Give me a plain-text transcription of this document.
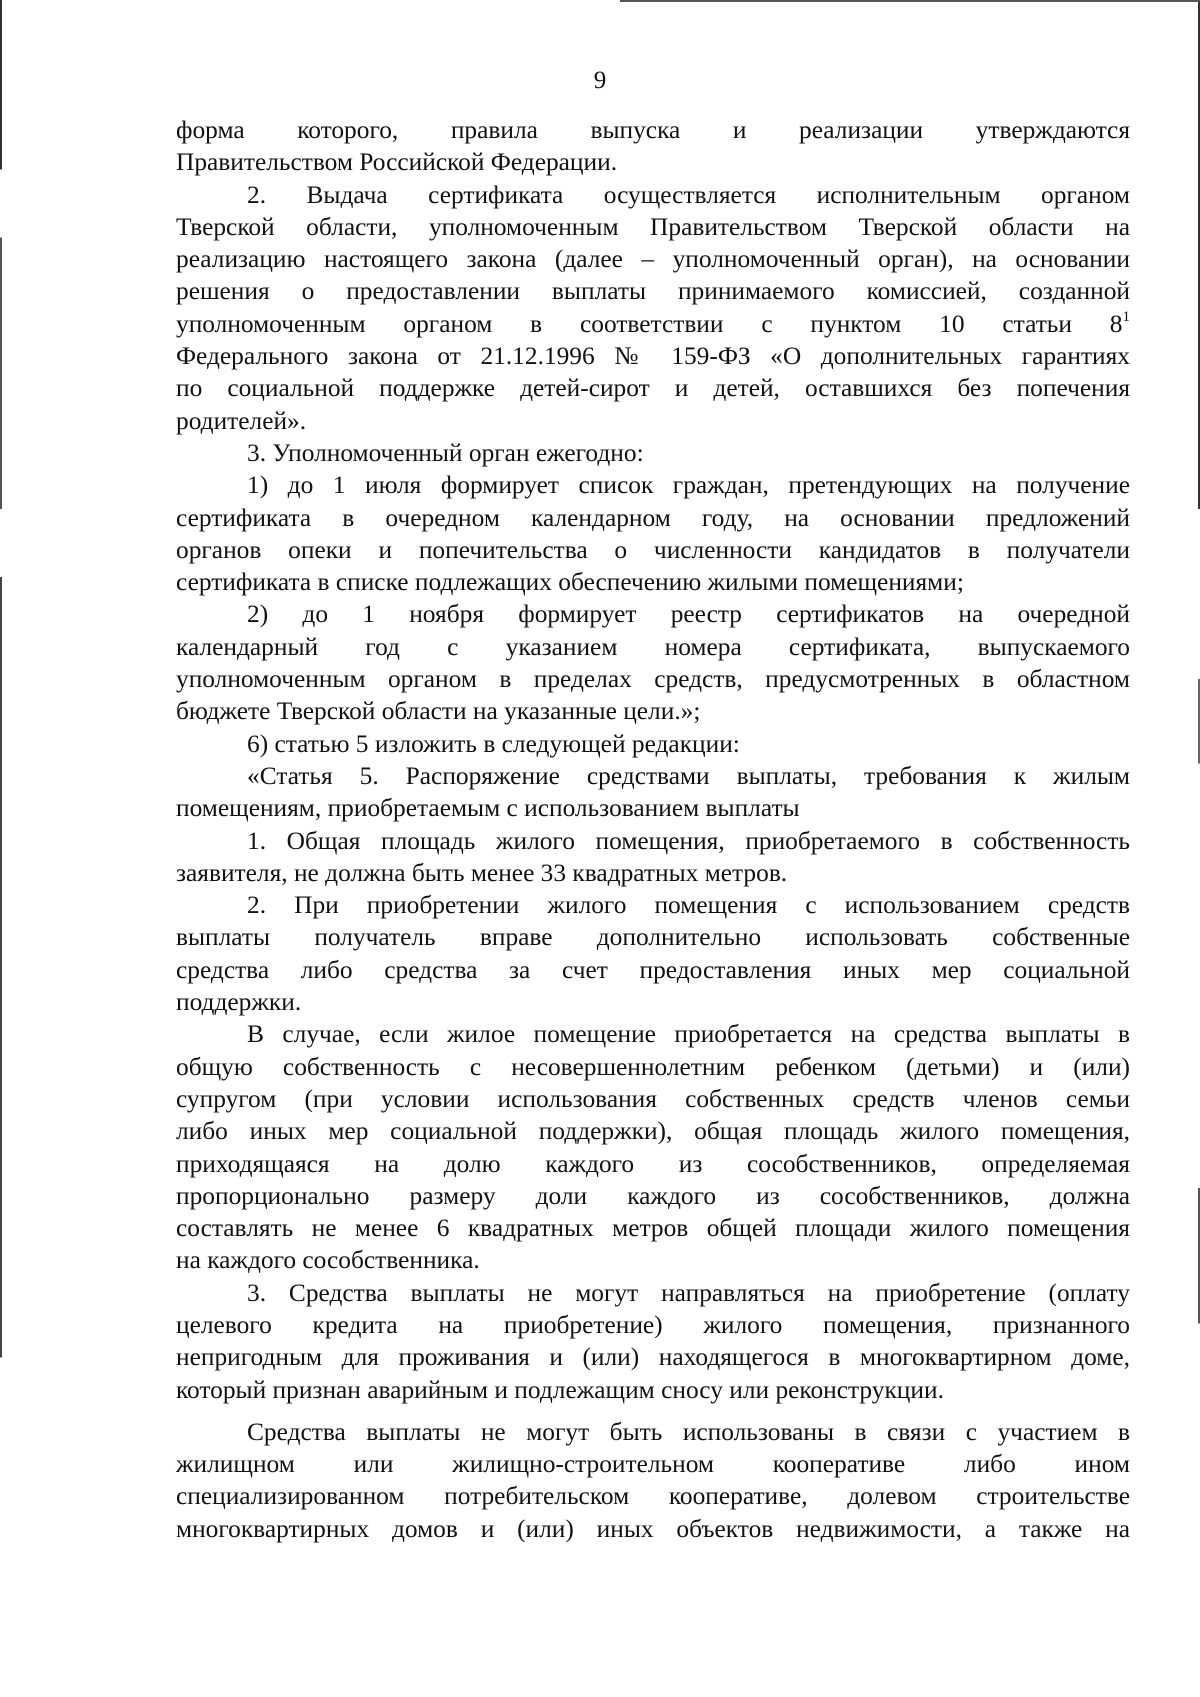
9
форма которого, правила выпуска и реализации утверждаются
Правительством Российской Федерации.
2. Выдача сертификата осуществляется исполнительным органом
Тверской области, уполномоченным Правительством Тверской области на
реализацию настоящего закона (далее – уполномоченный орган), на основании
решения о предоставлении выплаты принимаемого комиссией, созданной
уполномоченным органом в соответствии с пунктом 10 статьи $8^1$
Федерального закона от 21.12.1996 № 159-ФЗ «О дополнительных гарантиях
по социальной поддержке детей-сирот и детей, оставшихся без попечения
родителей».
3. Уполномоченный орган ежегодно:
1) до 1 июля формирует список граждан, претендующих на получение
сертификата в очередном календарном году, на основании предложений
органов опеки и попечительства о численности кандидатов в получатели
сертификата в списке подлежащих обеспечению жилыми помещениями;
2) до 1 ноября формирует реестр сертификатов на очередной
календарный год с указанием номера сертификата, выпускаемого
уполномоченным органом в пределах средств, предусмотренных в областном
бюджете Тверской области на указанные цели.»;
6) статью 5 изложить в следующей редакции:
«Статья 5. Распоряжение средствами выплаты, требования к жилым
помещениям, приобретаемым с использованием выплаты
1. Общая площадь жилого помещения, приобретаемого в собственность
заявителя, не должна быть менее 33 квадратных метров.
2. При приобретении жилого помещения с использованием средств
выплаты получатель вправе дополнительно использовать собственные
средства либо средства за счет предоставления иных мер социальной
поддержки.
В случае, если жилое помещение приобретается на средства выплаты в
общую собственность с несовершеннолетним ребенком (детьми) и (или)
супругом (при условии использования собственных средств членов семьи
либо иных мер социальной поддержки), общая площадь жилого помещения,
приходящаяся на долю каждого из сособственников, определяемая
пропорционально размеру доли каждого из сособственников, должна
составлять не менее 6 квадратных метров общей площади жилого помещения
на каждого сособственника.
3. Средства выплаты не могут направляться на приобретение (оплату
целевого кредита на приобретение) жилого помещения, признанного
непригодным для проживания и (или) находящегося в многоквартирном доме,
который признан аварийным и подлежащим сносу или реконструкции.
Средства выплаты не могут быть использованы в связи с участием в
жилищном или жилищно-строительном кооперативе либо ином
специализированном потребительском кооперативе, долевом строительстве
многоквартирных домов и (или) иных объектов недвижимости, а также на
